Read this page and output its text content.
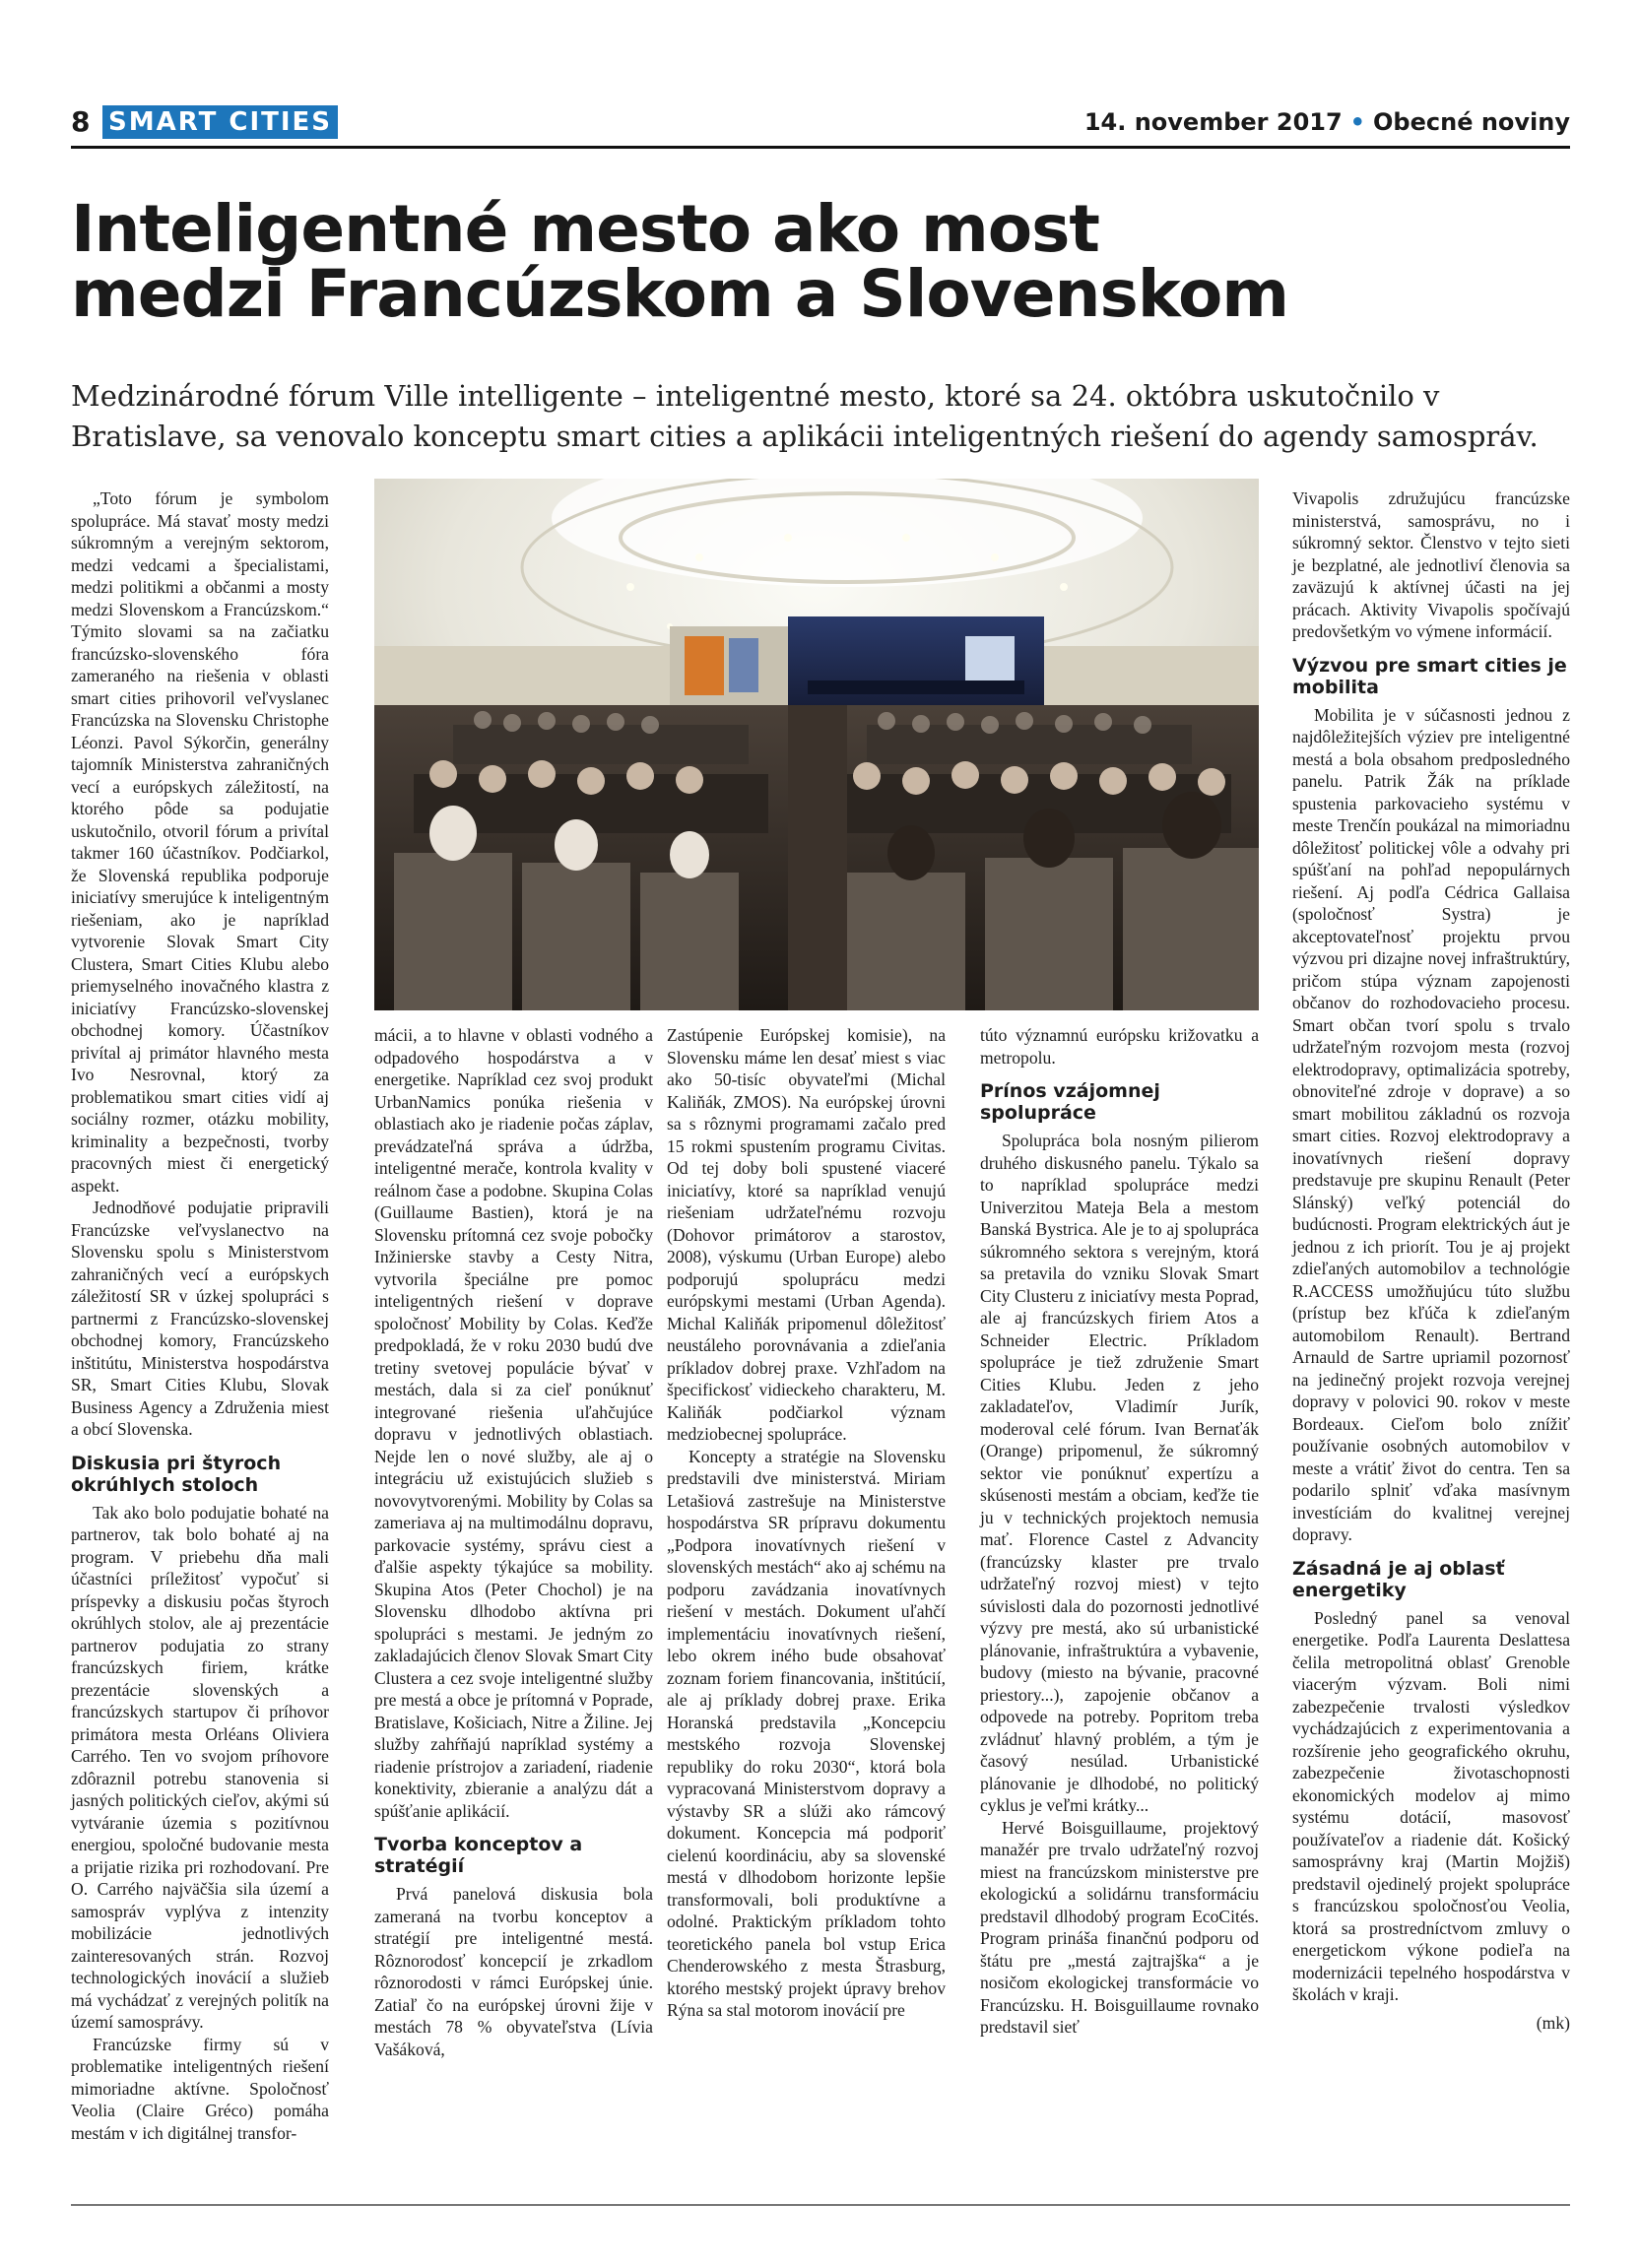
8 SMART CITIES	14. november 2017 • Obecné noviny
Inteligentné mesto ako most
medzi Francúzskom a Slovenskom

Medzinárodné fórum Ville intelligente – inteligentné mesto, ktoré sa 24. októbra uskutočnilo v Bratislave, sa venovalo konceptu smart cities a aplikácii inteligentných riešení do agendy samospráv.

„Toto fórum je symbolom spolupráce. Má stavať mosty medzi súkromným a verejným sektorom, medzi vedcami a špecialistami, medzi politikmi a občanmi a mosty medzi Slovenskom a Francúzskom.“ Týmito slovami sa na začiatku francúzsko-slovenského fóra zameraného na riešenia v oblasti smart cities prihovoril veľvyslanec Francúzska na Slovensku Christophe Léonzi. Pavol Sýkorčin, generálny tajomník Ministerstva zahraničných vecí a európskych záležitostí, na ktorého pôde sa podujatie uskutočnilo, otvoril fórum a privítal takmer 160 účastníkov. Podčiarkol, že Slovenská republika podporuje iniciatívy smerujúce k inteligentným riešeniam, ako je napríklad vytvorenie Slovak Smart City Clustera, Smart Cities Klubu alebo priemyselného inovačného klastra z iniciatívy Francúzsko-slovenskej obchodnej komory. Účastníkov privítal aj primátor hlavného mesta Ivo Nesrovnal, ktorý za problematikou smart cities vidí aj sociálny rozmer, otázku mobility, kriminality a bezpečnosti, tvorby pracovných miest či energetický aspekt.

Jednodňové podujatie pripravili Francúzske veľvyslanectvo na Slovensku spolu s Ministerstvom zahraničných vecí a európskych záležitostí SR v úzkej spolupráci s partnermi z Francúzsko-slovenskej obchodnej komory, Francúzskeho inštitútu, Ministerstva hospodárstva SR, Smart Cities Klubu, Slovak Business Agency a Združenia miest a obcí Slovenska.

Diskusia pri štyroch okrúhlych stoloch

Tak ako bolo podujatie bohaté na partnerov, tak bolo bohaté aj na program. V priebehu dňa mali účastníci príležitosť vypočuť si príspevky a diskusiu počas štyroch okrúhlych stolov, ale aj prezentácie partnerov podujatia zo strany francúzskych firiem, krátke prezentácie slovenských a francúzskych startupov či príhovor primátora mesta Orléans Oliviera Carrého. Ten vo svojom príhovore zdôraznil potrebu stanovenia si jasných politických cieľov, akými sú vytváranie územia s pozitívnou energiou, spoločné budovanie mesta a prijatie rizika pri rozhodovaní. Pre O. Carrého najväčšia sila území a samospráv vyplýva z intenzity mobilizácie jednotlivých zainteresovaných strán. Rozvoj technologických inovácií a služieb má vychádzať z verejných politík na území samosprávy.

Francúzske firmy sú v problematike inteligentných riešení mimoriadne aktívne. Spoločnosť Veolia (Claire Gréco) pomáha mestám v ich digitálnej transfor-

mácii, a to hlavne v oblasti vodného a odpadového hospodárstva a v energetike. Napríklad cez svoj produkt UrbanNamics ponúka riešenia v oblastiach ako je riadenie počas záplav, prevádzateľná správa a údržba, inteligentné merače, kontrola kvality v reálnom čase a podobne. Skupina Colas (Guillaume Bastien), ktorá je na Slovensku prítomná cez svoje pobočky Inžinierske stavby a Cesty Nitra, vytvorila špeciálne pre pomoc inteligentných riešení v doprave spoločnosť Mobility by Colas. Keďže predpokladá, že v roku 2030 budú dve tretiny svetovej populácie bývať v mestách, dala si za cieľ ponúknuť integrované riešenia uľahčujúce dopravu v jednotlivých oblastiach. Nejde len o nové služby, ale aj o integráciu už existujúcich služieb s novovytvorenými. Mobility by Colas sa zameriava aj na multimodálnu dopravu, parkovacie systémy, správu ciest a ďalšie aspekty týkajúce sa mobility. Skupina Atos (Peter Chochol) je na Slovensku dlhodobo aktívna pri spolupráci s mestami. Je jedným zo zakladajúcich členov Slovak Smart City Clustera a cez svoje inteligentné služby pre mestá a obce je prítomná v Poprade, Bratislave, Košiciach, Nitre a Žiline. Jej služby zahŕňajú napríklad systémy a riadenie prístrojov a zariadení, riadenie konektivity, zbieranie a analýzu dát a spúšťanie aplikácií.

Tvorba konceptov a stratégií

Prvá panelová diskusia bola zameraná na tvorbu konceptov a stratégií pre inteligentné mestá. Rôznorodosť koncepcií je zrkadlom rôznorodosti v rámci Európskej únie. Zatiaľ čo na európskej úrovni žije v mestách 78 % obyvateľstva (Lívia Vašáková,

Zastúpenie Európskej komisie), na Slovensku máme len desať miest s viac ako 50-tisíc obyvateľmi (Michal Kaliňák, ZMOS). Na európskej úrovni sa s rôznymi programami začalo pred 15 rokmi spustením programu Civitas. Od tej doby boli spustené viaceré iniciatívy, ktoré sa napríklad venujú riešeniam udržateľnému rozvoju (Dohovor primátorov a starostov, 2008), výskumu (Urban Europe) alebo podporujú spoluprácu medzi európskymi mestami (Urban Agenda). Michal Kaliňák pripomenul dôležitosť neustáleho porovnávania a zdieľania príkladov dobrej praxe. Vzhľadom na špecifickosť vidieckeho charakteru, M. Kaliňák podčiarkol význam medziobecnej spolupráce.

Koncepty a stratégie na Slovensku predstavili dve ministerstvá. Miriam Letašiová zastrešuje na Ministerstve hospodárstva SR prípravu dokumentu „Podpora inovatívnych riešení v slovenských mestách“ ako aj schému na podporu zavádzania inovatívnych riešení v mestách. Dokument uľahčí implementáciu inovatívnych riešení, lebo okrem iného bude obsahovať zoznam foriem financovania, inštitúcií, ale aj príklady dobrej praxe. Erika Horanská predstavila „Koncepciu mestského rozvoja Slovenskej republiky do roku 2030“, ktorá bola vypracovaná Ministerstvom dopravy a výstavby SR a slúži ako rámcový dokument. Koncepcia má podporiť cielenú koordináciu, aby sa slovenské mestá v dlhodobom horizonte lepšie transformovali, boli produktívne a odolné. Praktickým príkladom tohto teoretického panela bol vstup Erica Chenderowského z mesta Štrasburg, ktorého mestský projekt úpravy brehov Rýna sa stal motorom inovácií pre

túto významnú európsku križovatku a metropolu.

Prínos vzájomnej spolupráce

Spolupráca bola nosným pilierom druhého diskusného panelu. Týkalo sa to napríklad spolupráce medzi Univerzitou Mateja Bela a mestom Banská Bystrica. Ale je to aj spolupráca súkromného sektora s verejným, ktorá sa pretavila do vzniku Slovak Smart City Clusteru z iniciatívy mesta Poprad, ale aj francúzskych firiem Atos a Schneider Electric. Príkladom spolupráce je tiež združenie Smart Cities Klubu. Jeden z jeho zakladateľov, Vladimír Jurík, moderoval celé fórum. Ivan Bernaťák (Orange) pripomenul, že súkromný sektor vie ponúknuť expertízu a skúsenosti mestám a obciam, keďže tie ju v technických projektoch nemusia mať. Florence Castel z Advancity (francúzsky klaster pre trvalo udržateľný rozvoj miest) v tejto súvislosti dala do pozornosti jednotlivé výzvy pre mestá, ako sú urbanistické plánovanie, infraštruktúra a vybavenie, budovy (miesto na bývanie, pracovné priestory...), zapojenie občanov a odpovede na potreby. Popritom treba zvládnuť hlavný problém, a tým je časový nesúlad. Urbanistické plánovanie je dlhodobé, no politický cyklus je veľmi krátky...

Hervé Boisguillaume, projektový manažér pre trvalo udržateľný rozvoj miest na francúzskom ministerstve pre ekologickú a solidárnu transformáciu predstavil dlhodobý program EcoCités. Program prináša finančnú podporu od štátu pre „mestá zajtrajška“ a je nosičom ekologickej transformácie vo Francúzsku. H. Boisguillaume rovnako predstavil sieť

Vivapolis združujúcu francúzske ministerstvá, samosprávu, no i súkromný sektor. Členstvo v tejto sieti je bezplatné, ale jednotliví členovia sa zaväzujú k aktívnej účasti na jej prácach. Aktivity Vivapolis spočívajú predovšetkým vo výmene informácií.

Výzvou pre smart cities je mobilita

Mobilita je v súčasnosti jednou z najdôležitejších výziev pre inteligentné mestá a bola obsahom predposledného panelu. Patrik Žák na príklade spustenia parkovacieho systému v meste Trenčín poukázal na mimoriadnu dôležitosť politickej vôle a odvahy pri spúšťaní na pohľad nepopulárnych riešení. Aj podľa Cédrica Gallaisa (spoločnosť Systra) je akceptovateľnosť projektu prvou výzvou pri dizajne novej infraštruktúry, pričom stúpa význam zapojenosti občanov do rozhodovacieho procesu. Smart občan tvorí spolu s trvalo udržateľným rozvojom mesta (rozvoj elektrodopravy, optimalizácia spotreby, obnoviteľné zdroje v doprave) a so smart mobilitou základnú os rozvoja smart cities. Rozvoj elektrodopravy a inovatívnych riešení dopravy predstavuje pre skupinu Renault (Peter Slánský) veľký potenciál do budúcnosti. Program elektrických áut je jednou z ich priorít. Tou je aj projekt zdieľaných automobilov a technológie R.ACCESS umožňujúcu túto službu (prístup bez kľúča k zdieľaným automobilom Renault). Bertrand Arnauld de Sartre upriamil pozornosť na jedinečný projekt rozvoja verejnej dopravy v polovici 90. rokov v meste Bordeaux. Cieľom bolo znížiť používanie osobných automobilov v meste a vrátiť život do centra. Ten sa podarilo splniť vďaka masívnym investíciám do kvalitnej verejnej dopravy.

Zásadná je aj oblasť energetiky

Posledný panel sa venoval energetike. Podľa Laurenta Deslattesa čelila metropolitná oblasť Grenoble viacerým výzvam. Boli nimi zabezpečenie trvalosti výsledkov vychádzajúcich z experimentovania a rozšírenie jeho geografického okruhu, zabezpečenie životaschopnosti ekonomických modelov aj mimo systému dotácií, masovosť používateľov a riadenie dát. Košický samosprávny kraj (Martin Mojžiš) predstavil ojedinelý projekt spolupráce s francúzskou spoločnosťou Veolia, ktorá sa prostredníctvom zmluvy o energetickom výkone podieľa na modernizácii tepelného hospodárstva v školách v kraji.

(mk)
